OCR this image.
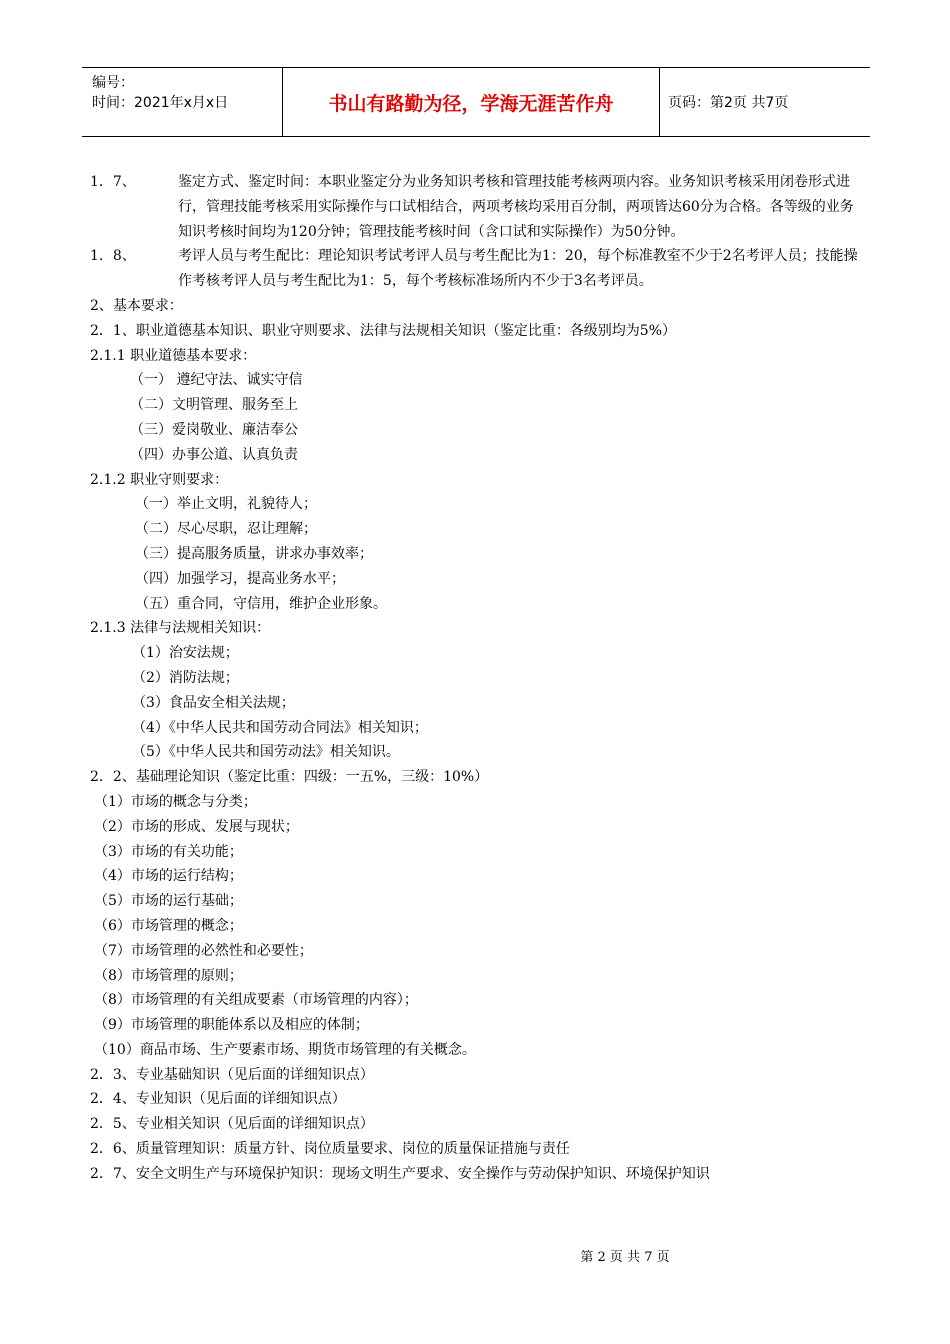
编号：
时间：2021年x月x日	书山有路勤为径，学海无涯苦作舟	页码：第2页 共7页
1．7、	鉴定方式、鉴定时间：本职业鉴定分为业务知识考核和管理技能考核两项内容。业务知识考核采用闭卷形式进行，管理技能考核采用实际操作与口试相结合，两项考核均采用百分制，两项皆达60分为合格。各等级的业务知识考核时间均为120分钟；管理技能考核时间（含口试和实际操作）为50分钟。
1．8、	考评人员与考生配比：理论知识考试考评人员与考生配比为1：20，每个标准教室不少于2名考评人员；技能操作考核考评人员与考生配比为1：5，每个考核标准场所内不少于3名考评员。
2、基本要求：
2．1、职业道德基本知识、职业守则要求、法律与法规相关知识（鉴定比重：各级别均为5%）
2.1.1 职业道德基本要求：
（一） 遵纪守法、诚实守信
（二）文明管理、服务至上
（三）爱岗敬业、廉洁奉公
（四）办事公道、认真负责
2.1.2 职业守则要求：
（一）举止文明，礼貌待人；
（二）尽心尽职，忍让理解；
（三）提高服务质量，讲求办事效率；
（四）加强学习，提高业务水平；
（五）重合同，守信用，维护企业形象。
2.1.3 法律与法规相关知识：
（1）治安法规；
（2）消防法规；
（3）食品安全相关法规；
（4）《中华人民共和国劳动合同法》相关知识；
（5）《中华人民共和国劳动法》相关知识。
2．2、基础理论知识（鉴定比重：四级：一五%，三级：10%）
（1）市场的概念与分类；
（2）市场的形成、发展与现状；
（3）市场的有关功能；
（4）市场的运行结构；
（5）市场的运行基础；
（6）市场管理的概念；
（7）市场管理的必然性和必要性；
（8）市场管理的原则；
（8）市场管理的有关组成要素（市场管理的内容）；
（9）市场管理的职能体系以及相应的体制；
（10）商品市场、生产要素市场、期货市场管理的有关概念。
2．3、专业基础知识（见后面的详细知识点）
2．4、专业知识（见后面的详细知识点）
2．5、专业相关知识（见后面的详细知识点）
2．6、质量管理知识：质量方针、岗位质量要求、岗位的质量保证措施与责任
2．7、安全文明生产与环境保护知识：现场文明生产要求、安全操作与劳动保护知识、环境保护知识
第 2 页 共 7 页
